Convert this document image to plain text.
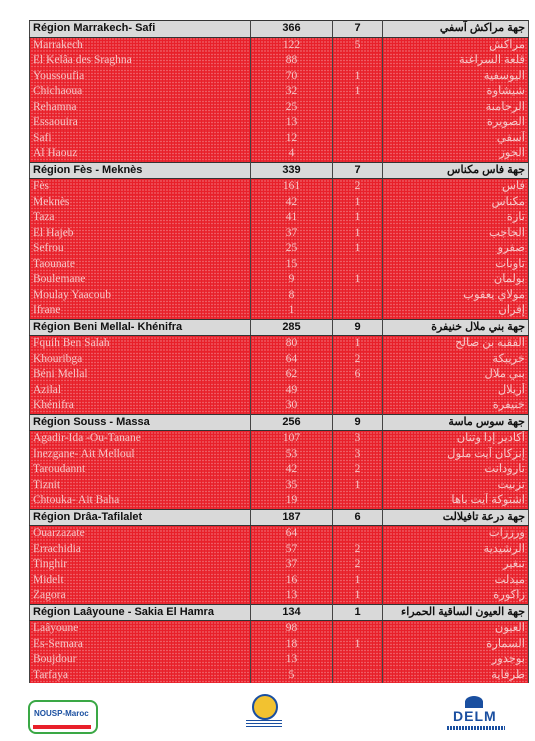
Région Marrakech- Safi	366	7	جهة مراكش آسفي
Marrakech	122	5	مراكش
El Kelâa des Sraghna	88		قلعة السراغنة
Youssoufia	70	1	اليوسفية
Chichaoua	32	1	شيشاوة
Rehamna	25		الرحامنة
Essaouira	13		الصويرة
Safi	12		آسفي
Al Haouz	4		الحوز
Région Fès - Meknès	339	7	جهة فاس مكناس
Fès	161	2	فاس
Meknès	42	1	مكناس
Taza	41	1	تازة
El Hajeb	37	1	الحاجب
Sefrou	25	1	صفرو
Taounate	15		تاونات
Boulemane	9	1	بولمان
Moulay Yaacoub	8		مولاي يعقوب
Ifrane	1		إفران
Région Beni Mellal- Khénifra	285	9	جهة بني ملال خنيفرة
Fquih Ben Salah	80	1	الفقيه بن صالح
Khouribga	64	2	خريبكة
Béni Mellal	62	6	بني ملال
Azilal	49		أزيلال
Khénifra	30		خنيفرة
Région Souss - Massa	256	9	جهة سوس ماسة
Agadir-Ida -Ou-Tanane	107	3	أكادير إدا وتنان
Inezgane- Ait Melloul	53	3	إنزكان آيت ملول
Taroudannt	42	2	تارودانت
Tiznit	35	1	تزنيت
Chtouka- Ait Baha	19		اشتوكة آيت باها
Région Drâa-Tafilalet	187	6	جهة درعة تافيلالت
Ouarzazate	64		ورززات
Errachidia	57	2	الرشيدية
Tinghir	37	2	تنغير
Midelt	16	1	ميدلت
Zagora	13	1	زاكورة
Région Laâyoune - Sakia El Hamra	134	1	جهة العيون الساقية الحمراء
Laâyoune	98		العيون
Es-Semara	18	1	السمارة
Boujdour	13		بوجدور
Tarfaya	5		طرفاية
NOUSP-Maroc	DELM
